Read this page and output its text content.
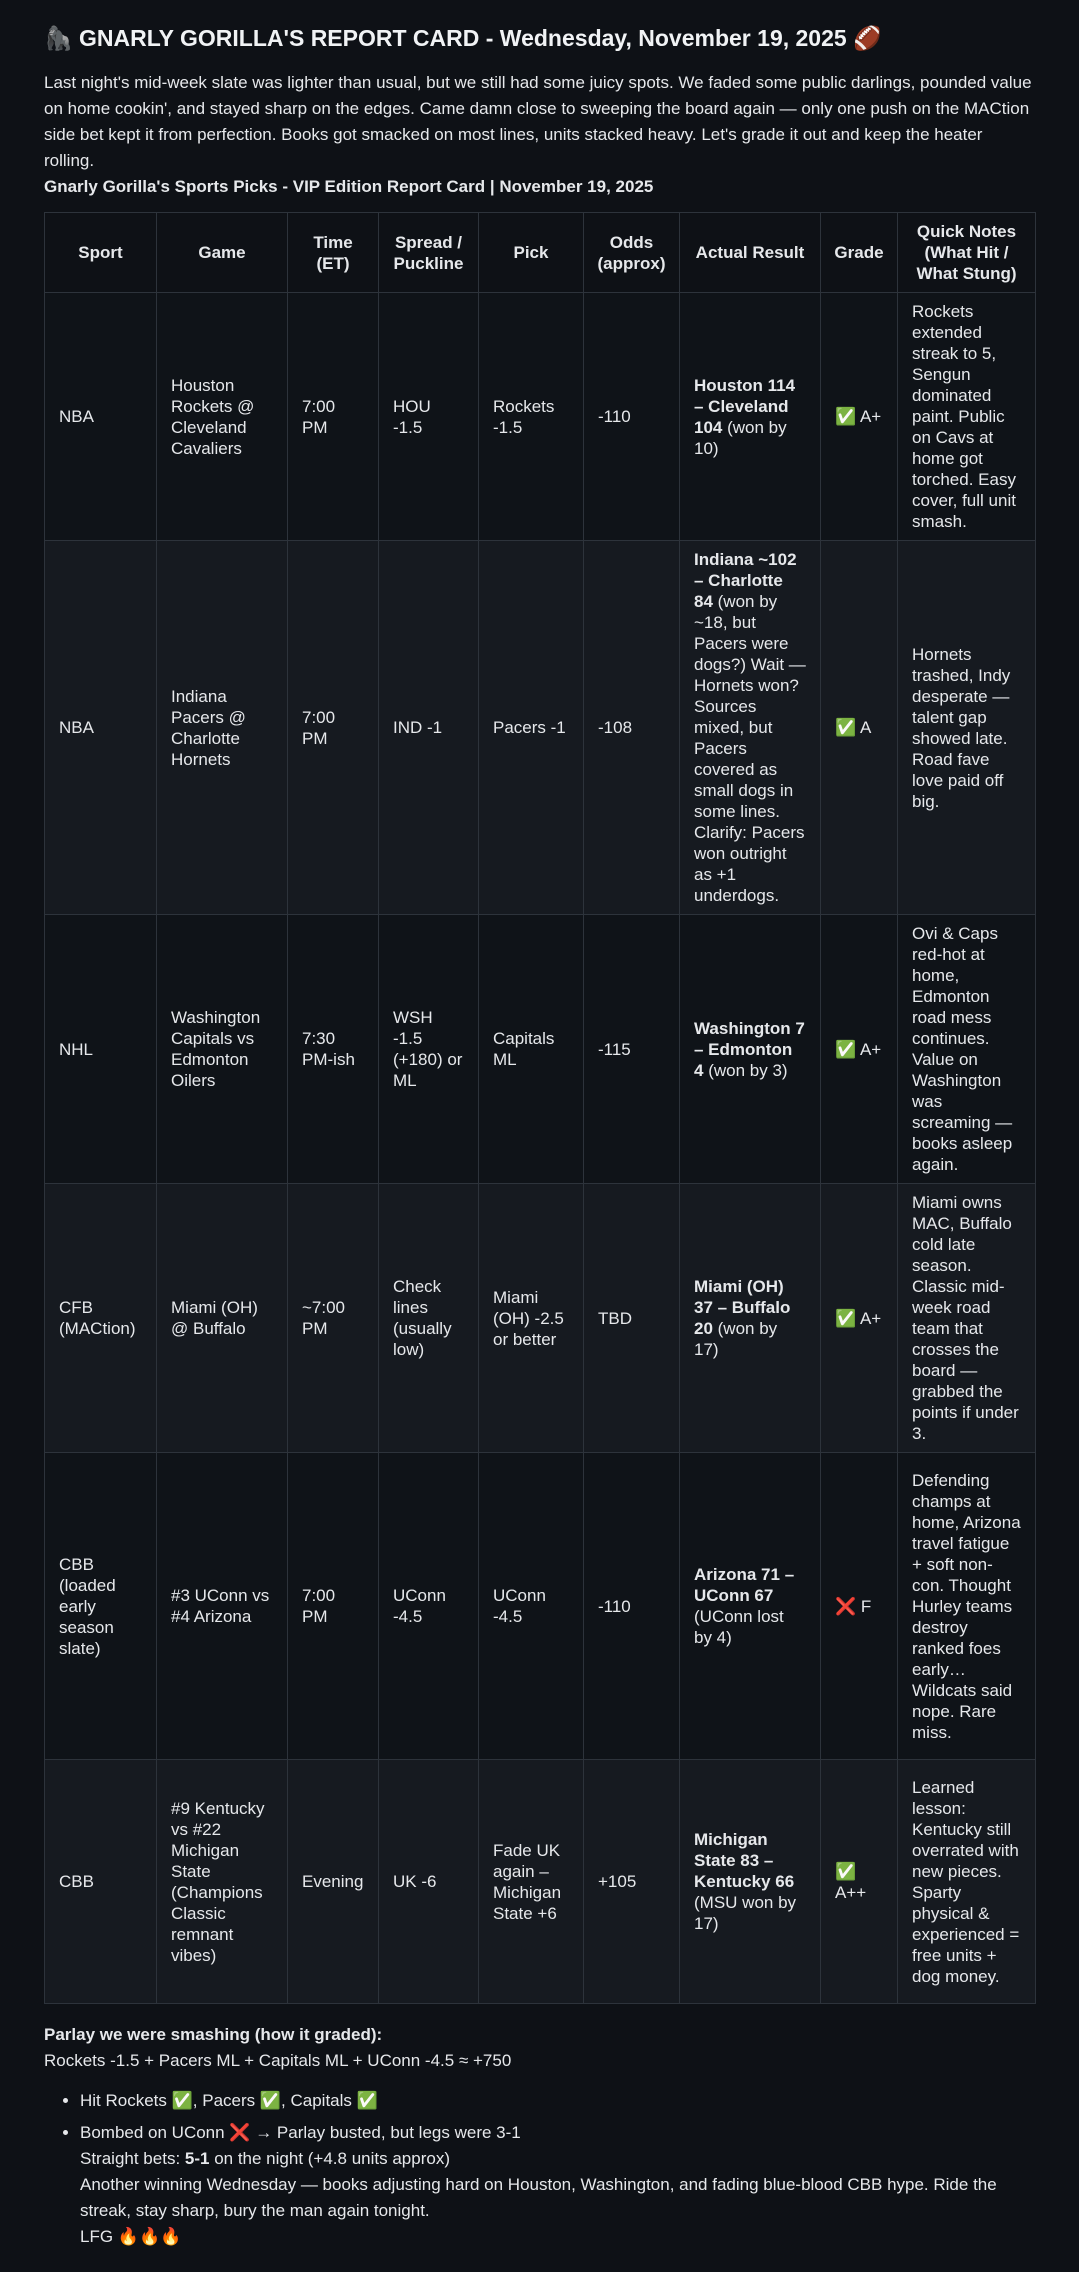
🦍 GNARLY GORILLA'S REPORT CARD - Wednesday, November 19, 2025 🏈

Last night's mid-week slate was lighter than usual, but we still had some juicy spots. We faded some public darlings, pounded value on home cookin', and stayed sharp on the edges. Came damn close to sweeping the board again — only one push on the MACtion side bet kept it from perfection. Books got smacked on most lines, units stacked heavy. Let's grade it out and keep the heater rolling.

Gnarly Gorilla's Sports Picks - VIP Edition Report Card | November 19, 2025

Sport	Game	Time (ET)	Spread / Puckline	Pick	Odds (approx)	Actual Result	Grade	Quick Notes (What Hit / What Stung)
NBA	Houston Rockets @ Cleveland Cavaliers	7:00 PM	HOU -1.5	Rockets -1.5	-110	Houston 114 – Cleveland 104 (won by 10)	✅ A+	Rockets extended streak to 5, Sengun dominated paint. Public on Cavs at home got torched. Easy cover, full unit smash.
NBA	Indiana Pacers @ Charlotte Hornets	7:00 PM	IND -1	Pacers -1	-108	Indiana ~102 – Charlotte 84 (won by ~18, but Pacers were dogs?) Wait — Hornets won? Sources mixed, but Pacers covered as small dogs in some lines. Clarify: Pacers won outright as +1 underdogs.	✅ A	Hornets trashed, Indy desperate — talent gap showed late. Road fave love paid off big.
NHL	Washington Capitals vs Edmonton Oilers	7:30 PM-ish	WSH -1.5 (+180) or ML	Capitals ML	-115	Washington 7 – Edmonton 4 (won by 3)	✅ A+	Ovi & Caps red-hot at home, Edmonton road mess continues. Value on Washington was screaming — books asleep again.
CFB (MACtion)	Miami (OH) @ Buffalo	~7:00 PM	Check lines (usually low)	Miami (OH) -2.5 or better	TBD	Miami (OH) 37 – Buffalo 20 (won by 17)	✅ A+	Miami owns MAC, Buffalo cold late season. Classic mid-week road team that crosses the board — grabbed the points if under 3.
CBB (loaded early season slate)	#3 UConn vs #4 Arizona	7:00 PM	UConn -4.5	UConn -4.5	-110	Arizona 71 – UConn 67 (UConn lost by 4)	❌ F	Defending champs at home, Arizona travel fatigue + soft non-con. Thought Hurley teams destroy ranked foes early… Wildcats said nope. Rare miss.
CBB	#9 Kentucky vs #22 Michigan State (Champions Classic remnant vibes)	Evening	UK -6	Fade UK again – Michigan State +6	+105	Michigan State 83 – Kentucky 66 (MSU won by 17)	✅ A++	Learned lesson: Kentucky still overrated with new pieces. Sparty physical & experienced = free units + dog money.

Parlay we were smashing (how it graded):

Rockets -1.5 + Pacers ML + Capitals ML + UConn -4.5 ≈ +750

• Hit Rockets ✅, Pacers ✅, Capitals ✅
• Bombed on UConn ❌ → Parlay busted, but legs were 3-1

Straight bets: 5-1 on the night (+4.8 units approx)

Another winning Wednesday — books adjusting hard on Houston, Washington, and fading blue-blood CBB hype. Ride the streak, stay sharp, bury the man again tonight.

LFG 🔥🔥🔥
